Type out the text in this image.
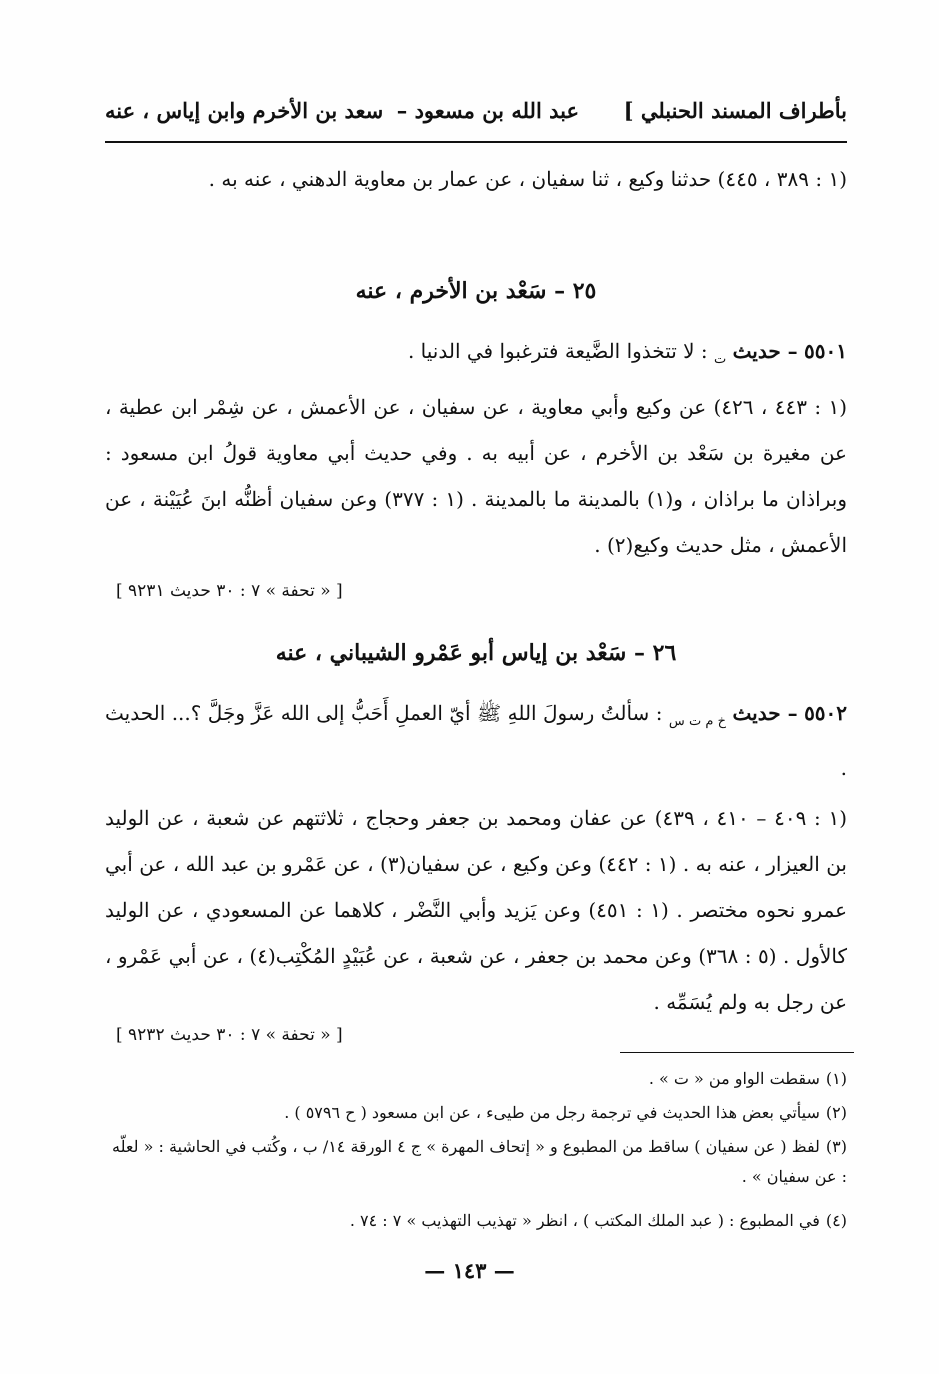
بأطراف المسند الحنبلي ]
عبد الله بن مسعود –
سعد بن الأخرم وابن إياس ، عنه

(١ : ٣٨٩ ، ٤٤٥) حدثنا وكيع ، ثنا سفيان ، عن عمار بن معاوية الدهني ، عنه به .

٢٥ – سَعْد بن الأخرم ، عنه

٥٥٠١ – حديث $_ت$ : لا تتخذوا الضَّيعة فترغبوا في الدنيا .

(١ : ٤٤٣ ، ٤٢٦) عن وكيع وأبي معاوية ، عن سفيان ، عن الأعمش ، عن شِمْر ابن عطية ، عن مغيرة بن سَعْد بن الأخرم ، عن أبيه به . وفي حديث أبي معاوية قولُ ابن مسعود : وبراذان ما براذان ، و(١) بالمدينة ما بالمدينة . (١ : ٣٧٧) وعن سفيان أظنُّه ابنَ عُيَيْنة ، عن الأعمش ، مثل حديث وكيع(٢) .

[ « تحفة » ٧ : ٣٠ حديث ٩٢٣١ ]
٢٦ – سَعْد بن إياس أبو عَمْرو الشيباني ، عنه

٥٥٠٢ – حديث $_{خ م ت س}$ : سألتُ رسولَ اللهِ ﷺ أيّ العملِ أَحَبُّ إلى الله عَزَّ وجَلَّ ؟... الحديث .

(١ : ٤٠٩ – ٤١٠ ، ٤٣٩) عن عفان ومحمد بن جعفر وحجاج ، ثلاثتهم عن شعبة ، عن الوليد بن العيزار ، عنه به . (١ : ٤٤٢) وعن وكيع ، عن سفيان(٣) ، عن عَمْرو بن عبد الله ، عن أبي عمرو نحوه مختصر . (١ : ٤٥١) وعن يَزيد وأبي النَّضْر ، كلاهما عن المسعودي ، عن الوليد كالأول . (٥ : ٣٦٨) وعن محمد بن جعفر ، عن شعبة ، عن عُبَيْدٍ المُكْتِب(٤) ، عن أبي عَمْرو ، عن رجل به ولم يُسَمِّه .

[ « تحفة » ٧ : ٣٠ حديث ٩٢٣٢ ]
(١)سقطت الواو من « ت » .
(٢)سيأتي بعض هذا الحديث في ترجمة رجل من طيىء ، عن ابن مسعود ( ح ٥٧٩٦ ) .
(٣)لفظ ( عن سفيان ) ساقط من المطبوع و « إتحاف المهرة » ج ٤ الورقة ١٤/ ب ، وكُتب في الحاشية : « لعلّه : عن سفيان » .
(٤)في المطبوع : ( عبد الملك المكتب ) ، انظر « تهذيب التهذيب » ٧ : ٧٤ .
— ١٤٣ —
